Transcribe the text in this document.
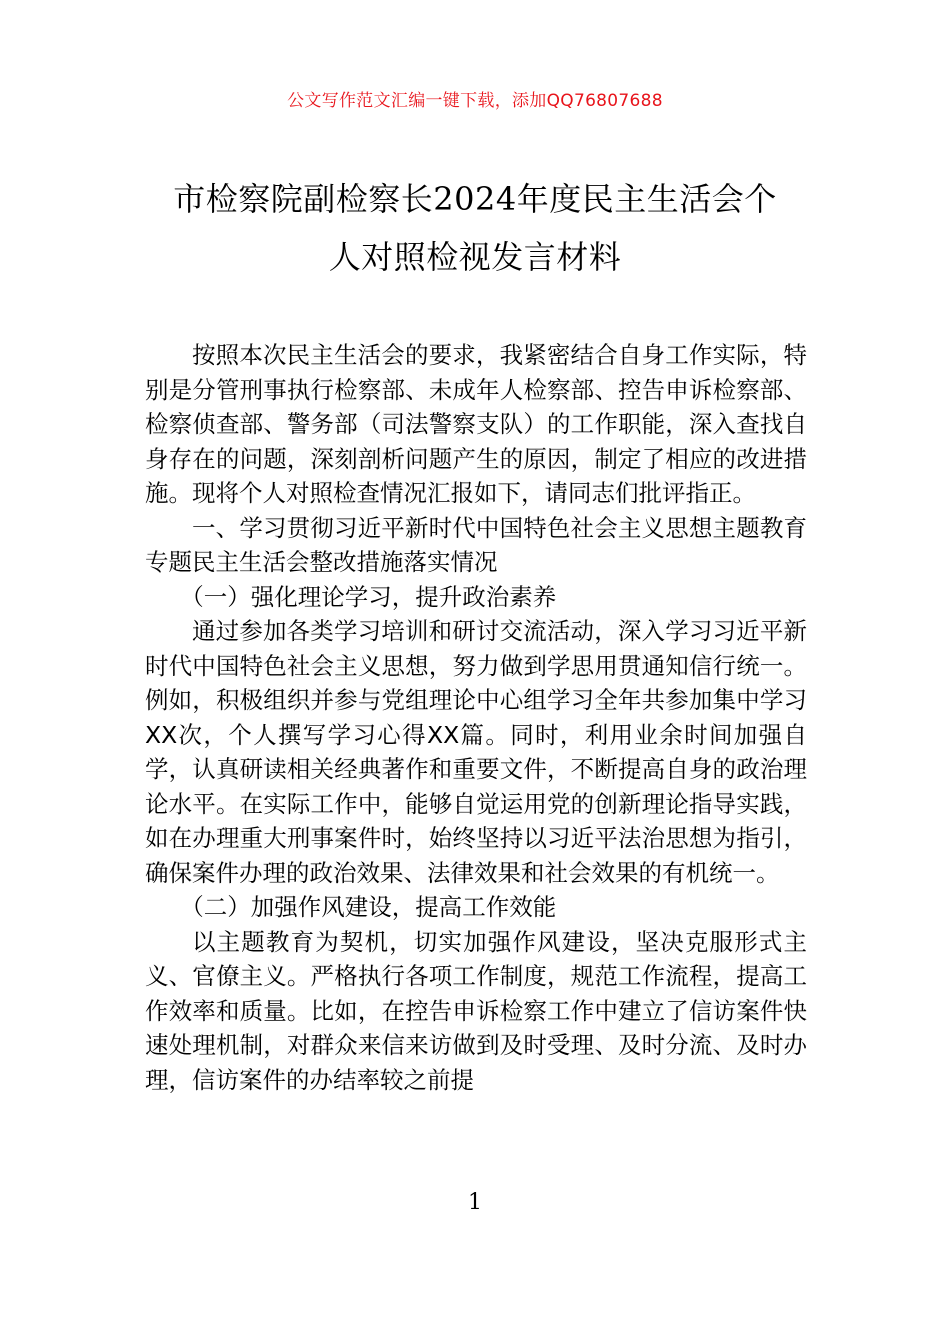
公文写作范文汇编一键下载，添加QQ76807688
市检察院副检察长2024年度民主生活会个
人对照检视发言材料

按照本次民主生活会的要求，我紧密结合自身工作实际，特别是分管刑事执行检察部、未成年人检察部、控告申诉检察部、检察侦查部、警务部（司法警察支队）的工作职能，深入查找自身存在的问题，深刻剖析问题产生的原因，制定了相应的改进措施。现将个人对照检查情况汇报如下，请同志们批评指正。

一、学习贯彻习近平新时代中国特色社会主义思想主题教育专题民主生活会整改措施落实情况

（一）强化理论学习，提升政治素养

通过参加各类学习培训和研讨交流活动，深入学习习近平新时代中国特色社会主义思想，努力做到学思用贯通知信行统一。例如，积极组织并参与党组理论中心组学习全年共参加集中学习XX次，个人撰写学习心得XX篇。同时，利用业余时间加强自学，认真研读相关经典著作和重要文件，不断提高自身的政治理论水平。在实际工作中，能够自觉运用党的创新理论指导实践，如在办理重大刑事案件时，始终坚持以习近平法治思想为指引，确保案件办理的政治效果、法律效果和社会效果的有机统一。

（二）加强作风建设，提高工作效能

以主题教育为契机，切实加强作风建设，坚决克服形式主义、官僚主义。严格执行各项工作制度，规范工作流程，提高工作效率和质量。比如，在控告申诉检察工作中建立了信访案件快速处理机制，对群众来信来访做到及时受理、及时分流、及时办理，信访案件的办结率较之前提

1
